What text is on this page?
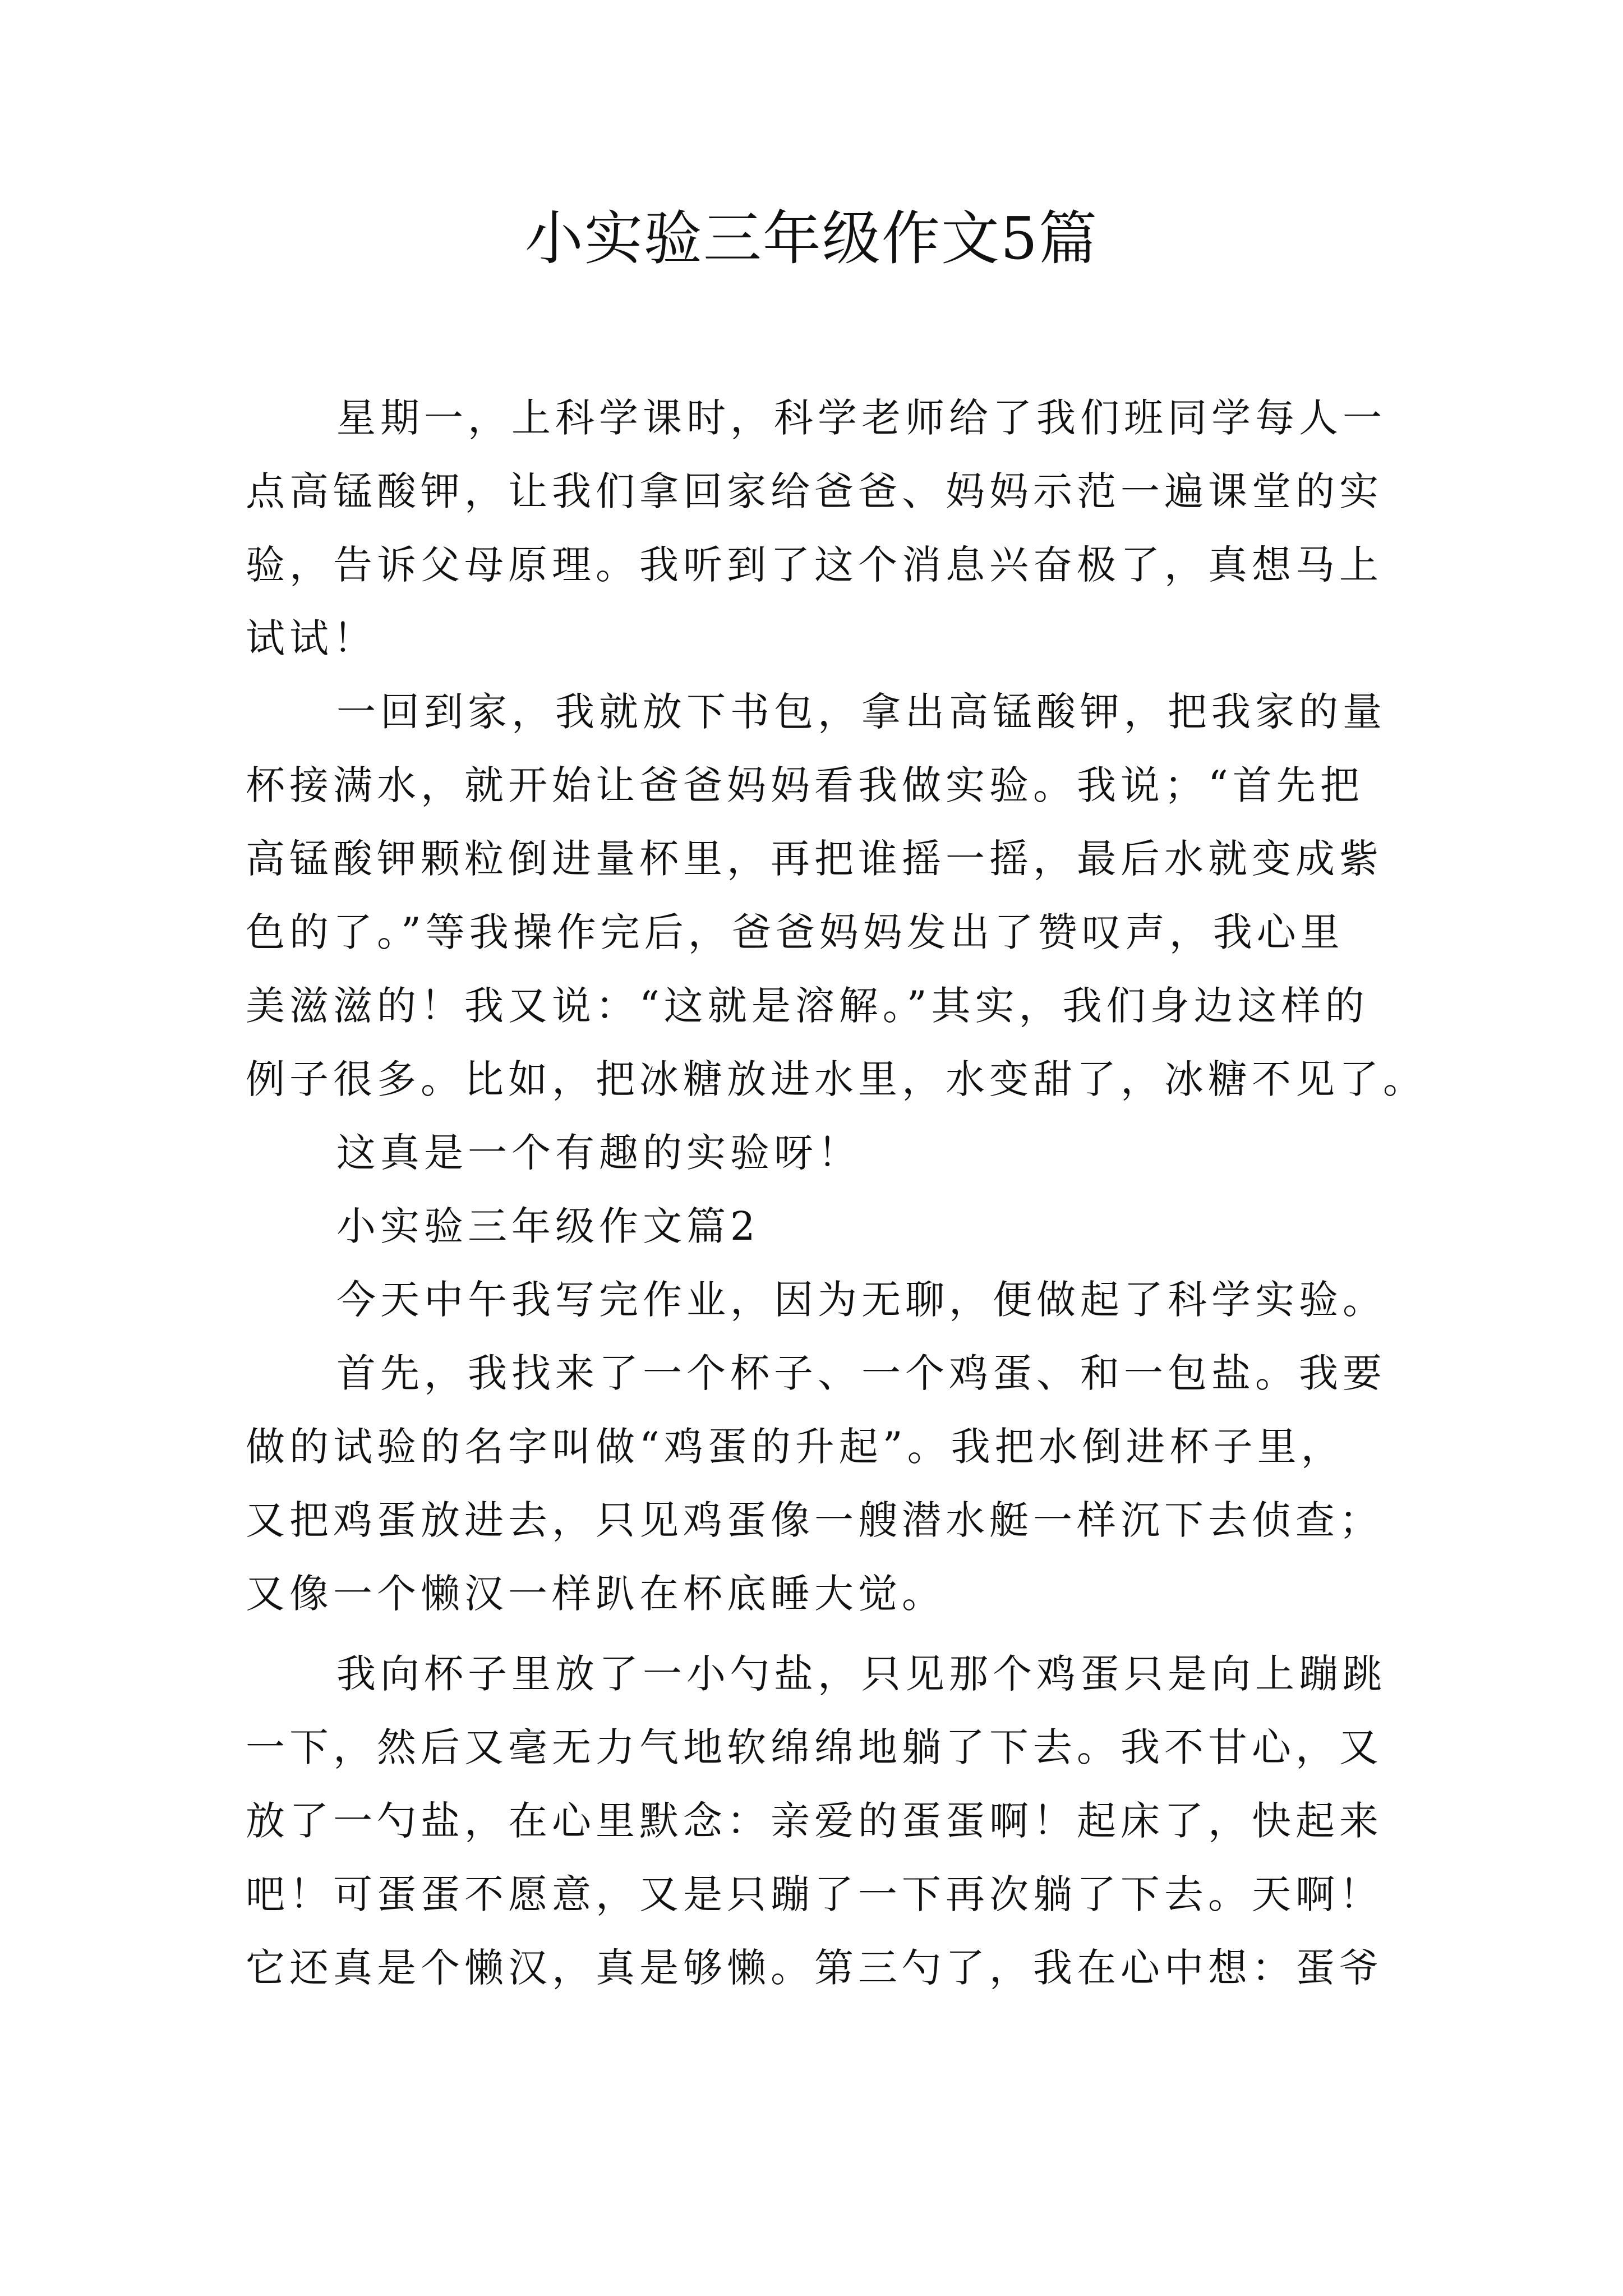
小实验三年级作文5篇
星期一，上科学课时，科学老师给了我们班同学每人一
点高锰酸钾，让我们拿回家给爸爸、妈妈示范一遍课堂的实
验，告诉父母原理。我听到了这个消息兴奋极了，真想马上
试试！
一回到家，我就放下书包，拿出高锰酸钾，把我家的量
杯接满水，就开始让爸爸妈妈看我做实验。我说；“首先把
高锰酸钾颗粒倒进量杯里，再把谁摇一摇，最后水就变成紫
色的了。”等我操作完后，爸爸妈妈发出了赞叹声，我心里
美滋滋的！我又说：“这就是溶解。”其实，我们身边这样的
例子很多。比如，把冰糖放进水里，水变甜了，冰糖不见了。
这真是一个有趣的实验呀！
小实验三年级作文篇2
今天中午我写完作业，因为无聊，便做起了科学实验。
首先，我找来了一个杯子、一个鸡蛋、和一包盐。我要
做的试验的名字叫做“鸡蛋的升起”。我把水倒进杯子里，
又把鸡蛋放进去，只见鸡蛋像一艘潜水艇一样沉下去侦查；
又像一个懒汉一样趴在杯底睡大觉。
我向杯子里放了一小勺盐，只见那个鸡蛋只是向上蹦跳
一下，然后又毫无力气地软绵绵地躺了下去。我不甘心，又
放了一勺盐，在心里默念：亲爱的蛋蛋啊！起床了，快起来
吧！可蛋蛋不愿意，又是只蹦了一下再次躺了下去。天啊！
它还真是个懒汉，真是够懒。第三勺了，我在心中想：蛋爷
